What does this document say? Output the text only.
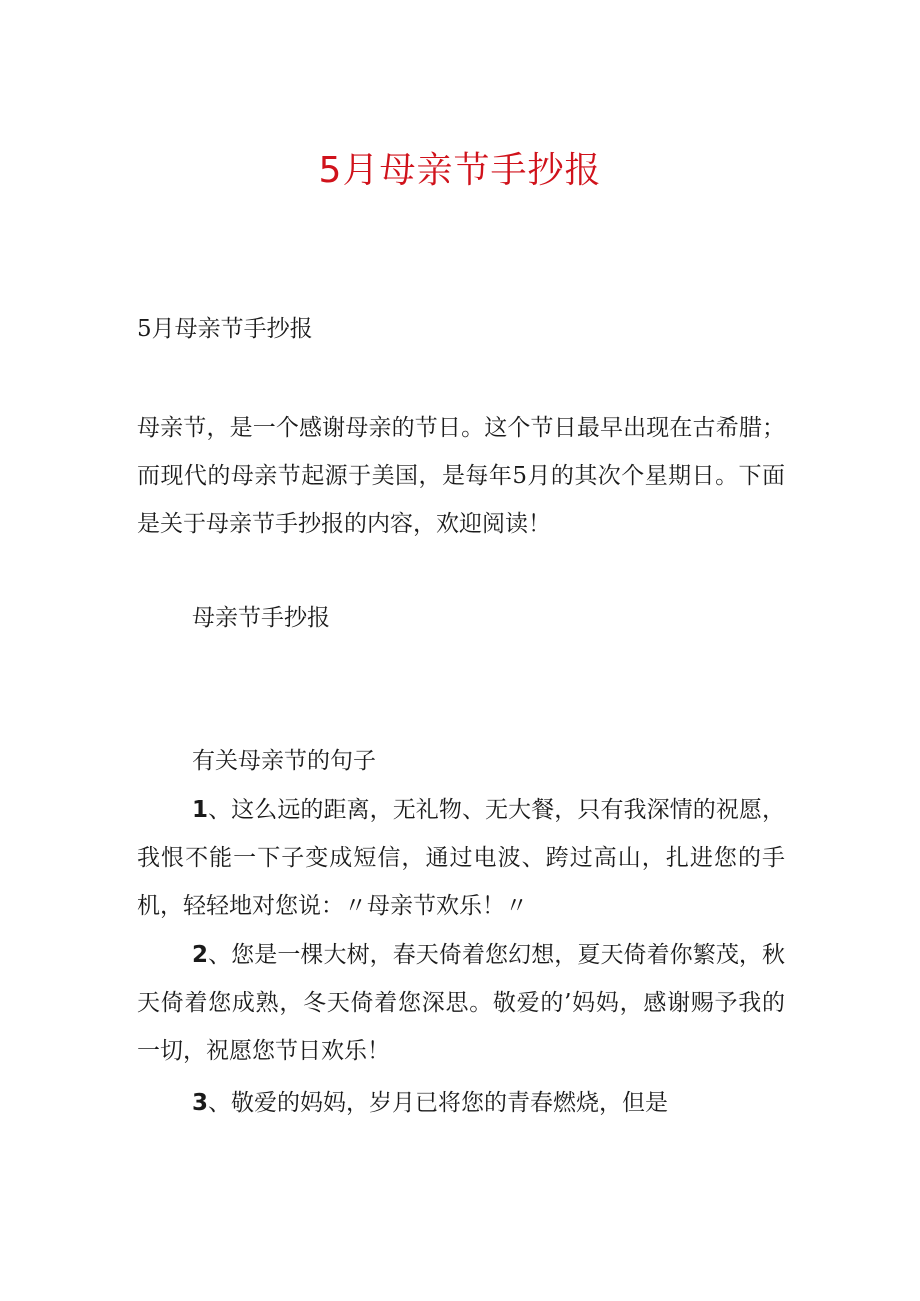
5月母亲节手抄报
5月母亲节手抄报
母亲节，是一个感谢母亲的节日。这个节日最早出现在古希腊；而现代的母亲节起源于美国，是每年5月的其次个星期日。下面是关于母亲节手抄报的内容，欢迎阅读！
母亲节手抄报
有关母亲节的句子
1、这么远的距离，无礼物、无大餐，只有我深情的祝愿，我恨不能一下子变成短信，通过电波、跨过高山，扎进您的手机，轻轻地对您说：〃母亲节欢乐！〃
2、您是一棵大树，春天倚着您幻想，夏天倚着你繁茂，秋天倚着您成熟，冬天倚着您深思。敬爱的’妈妈，感谢赐予我的一切，祝愿您节日欢乐！
3、敬爱的妈妈，岁月已将您的青春燃烧，但是
